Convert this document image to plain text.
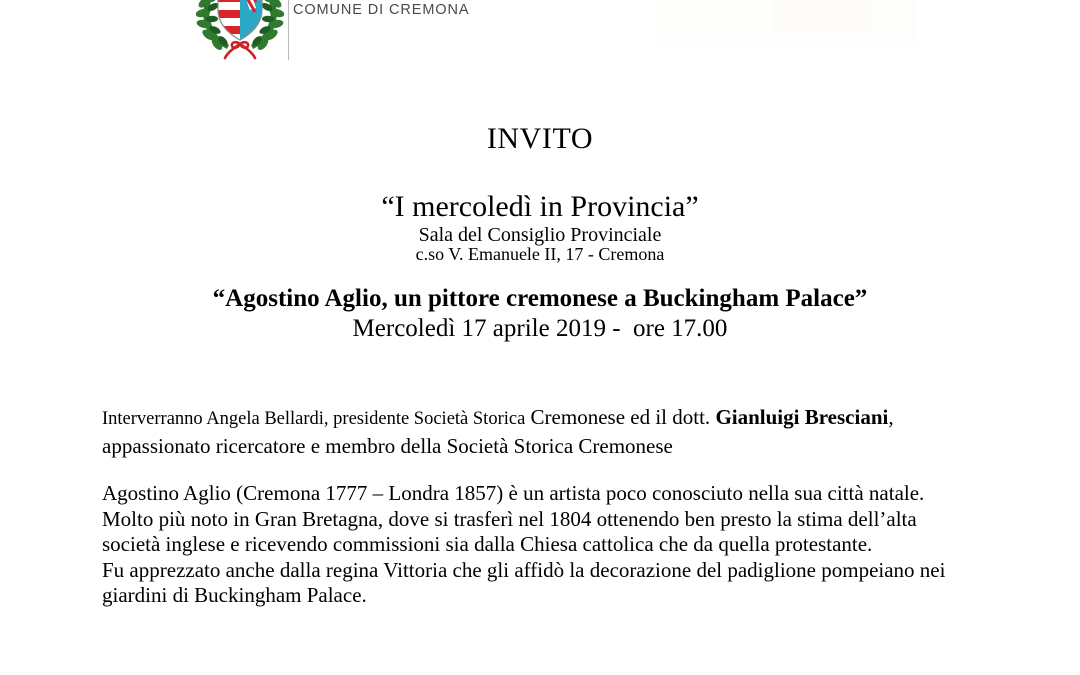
COMUNE DI CREMONA
INVITO
“I mercoledì in Provincia”
Sala del Consiglio Provinciale
c.so V. Emanuele II, 17 - Cremona
“Agostino Aglio, un pittore cremonese a Buckingham Palace”
Mercoledì 17 aprile 2019 -  ore 17.00
Interverranno Angela Bellardi, presidente Società Storica Cremonese ed il dott. Gianluigi Bresciani,
appassionato ricercatore e membro della Società Storica Cremonese
Agostino Aglio (Cremona 1777 – Londra 1857) è un artista poco conosciuto nella sua città natale.
Molto più noto in Gran Bretagna, dove si trasferì nel 1804 ottenendo ben presto la stima dell’alta
società inglese e ricevendo commissioni sia dalla Chiesa cattolica che da quella protestante.
Fu apprezzato anche dalla regina Vittoria che gli affidò la decorazione del padiglione pompeiano nei
giardini di Buckingham Palace.
